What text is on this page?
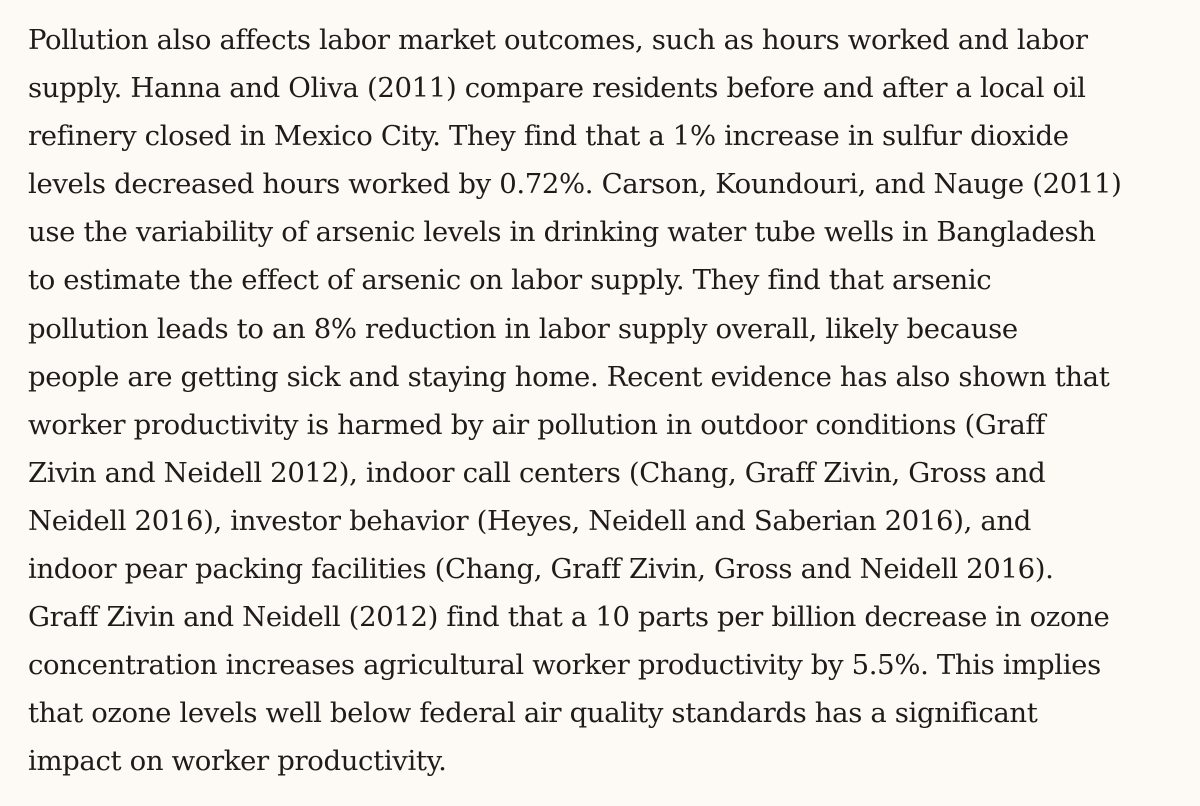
Pollution also affects labor market outcomes, such as hours worked and labor
supply. Hanna and Oliva (2011) compare residents before and after a local oil
refinery closed in Mexico City. They find that a 1% increase in sulfur dioxide
levels decreased hours worked by 0.72%. Carson, Koundouri, and Nauge (2011)
use the variability of arsenic levels in drinking water tube wells in Bangladesh
to estimate the effect of arsenic on labor supply. They find that arsenic
pollution leads to an 8% reduction in labor supply overall, likely because
people are getting sick and staying home. Recent evidence has also shown that
worker productivity is harmed by air pollution in outdoor conditions (Graff
Zivin and Neidell 2012), indoor call centers (Chang, Graff Zivin, Gross and
Neidell 2016), investor behavior (Heyes, Neidell and Saberian 2016), and
indoor pear packing facilities (Chang, Graff Zivin, Gross and Neidell 2016).
Graff Zivin and Neidell (2012) find that a 10 parts per billion decrease in ozone
concentration increases agricultural worker productivity by 5.5%. This implies
that ozone levels well below federal air quality standards has a significant
impact on worker productivity.
